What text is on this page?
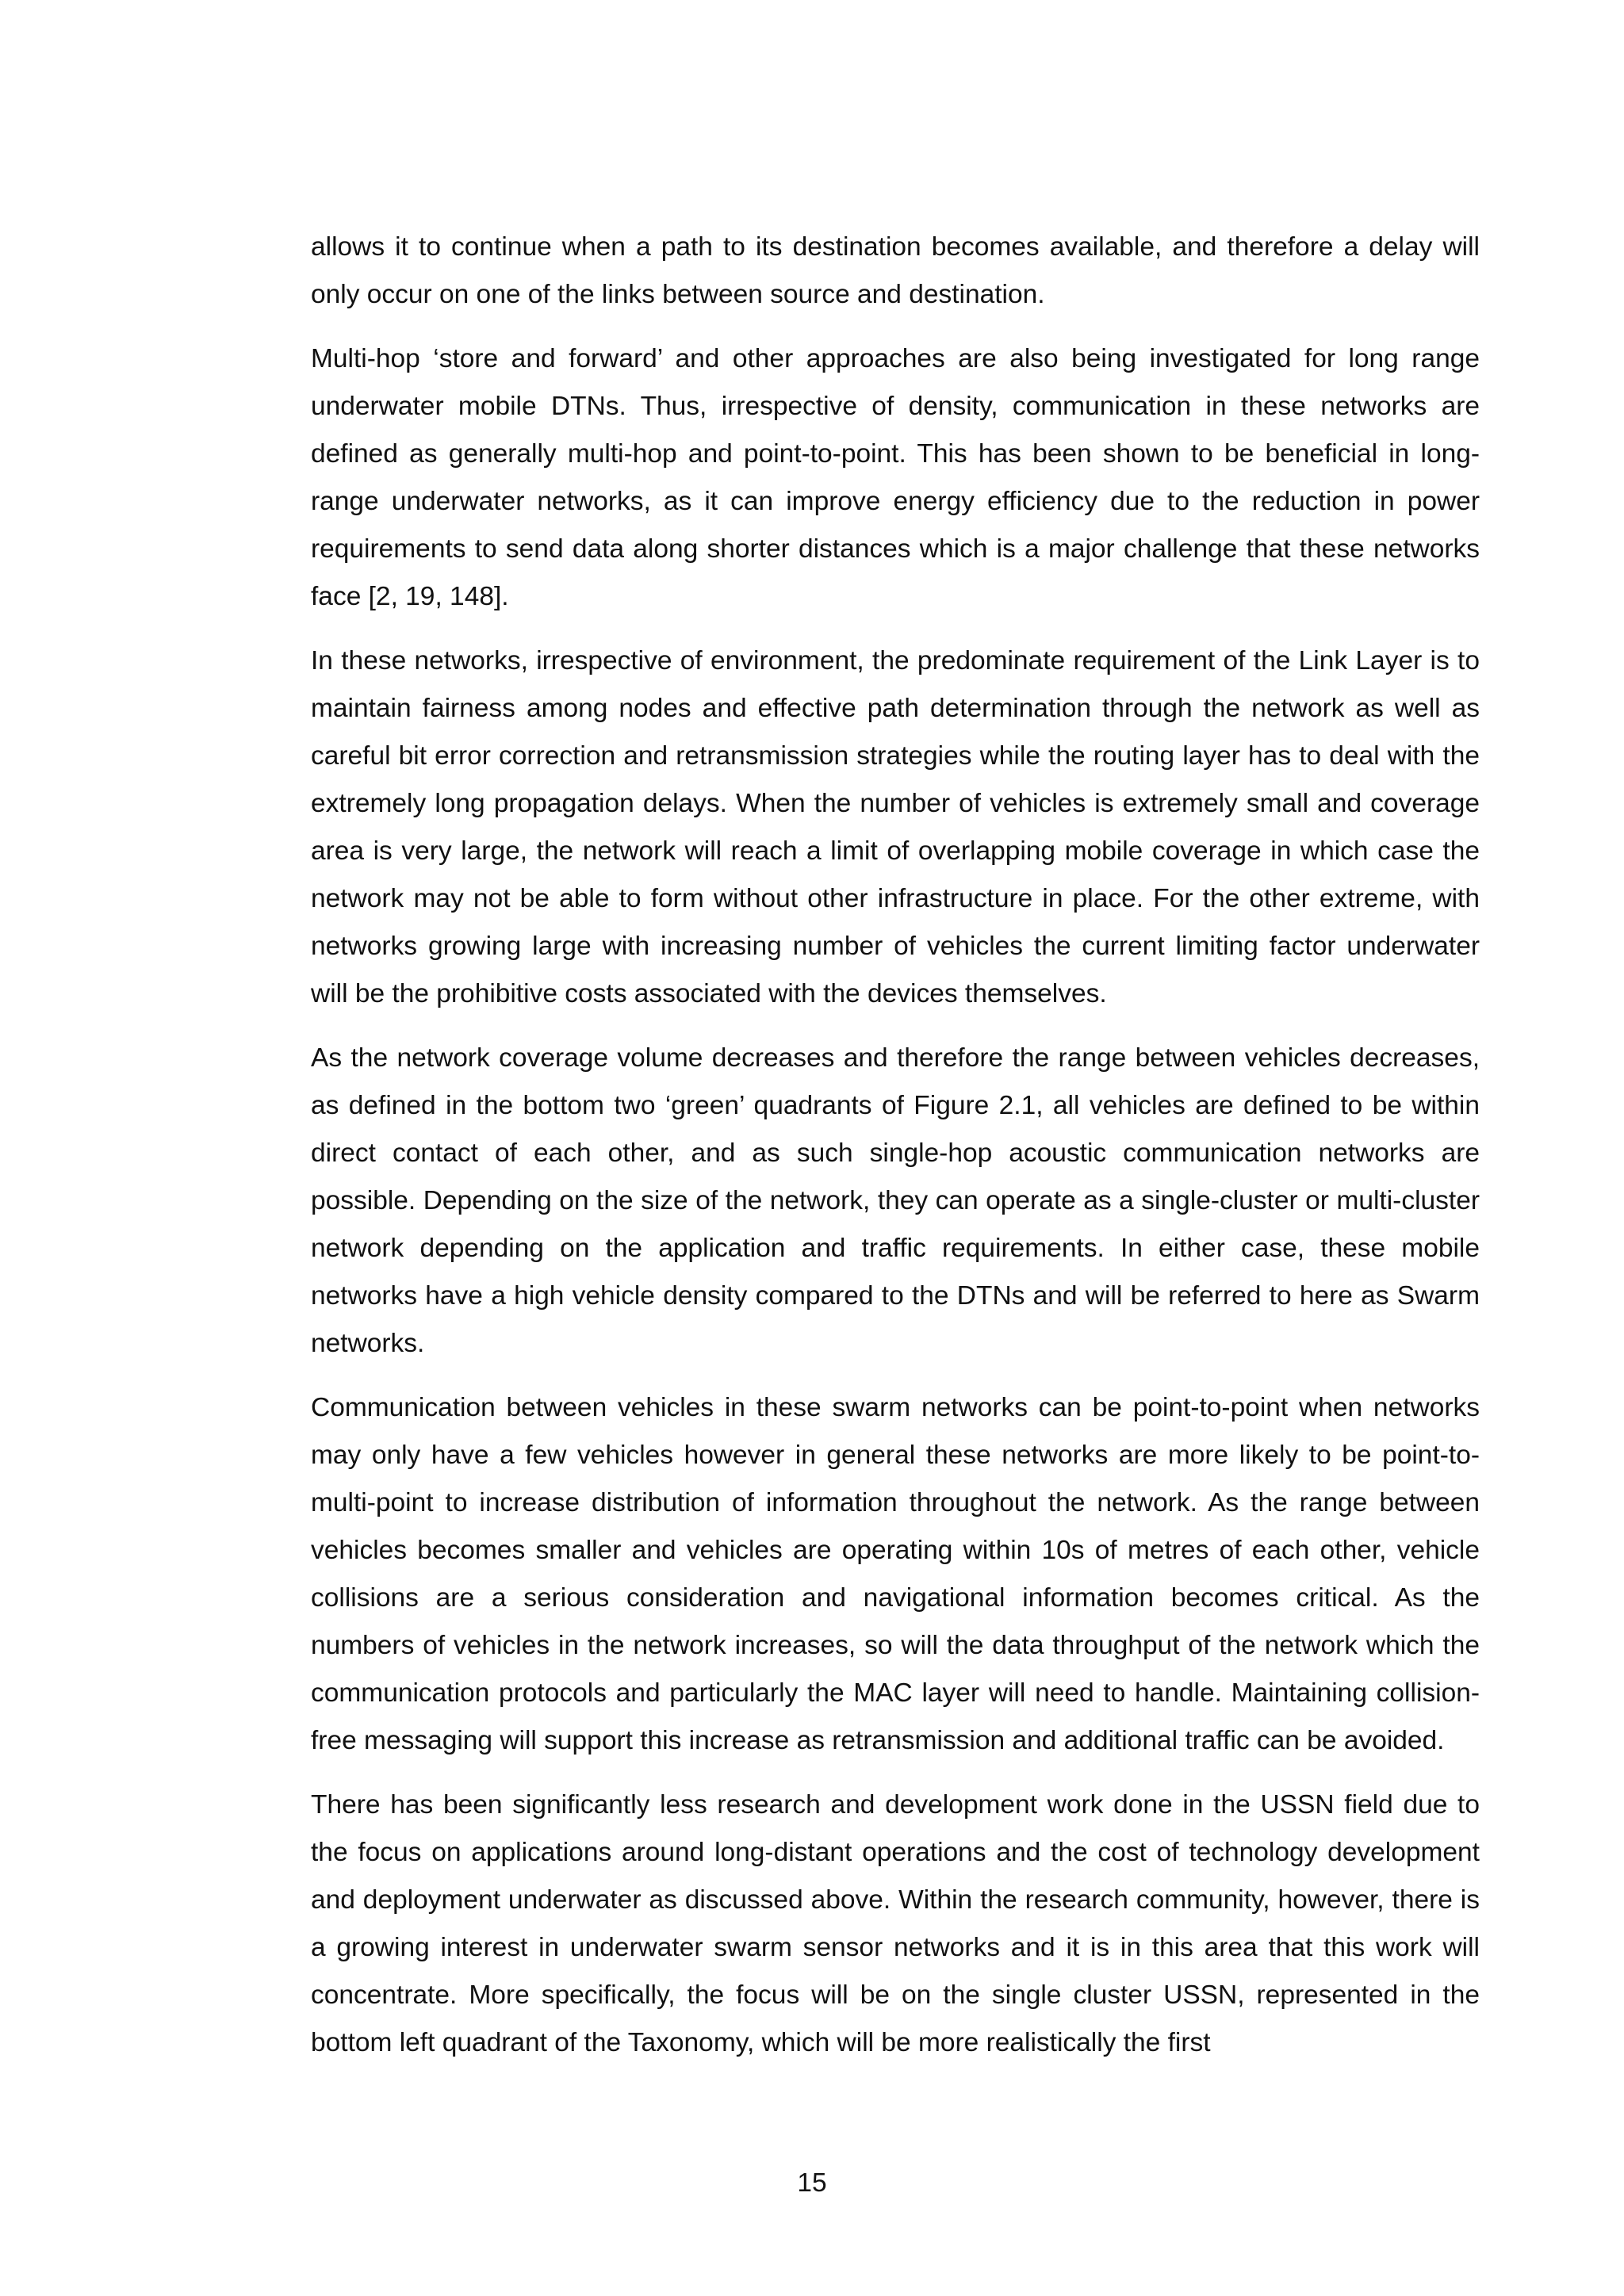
allows it to continue when a path to its destination becomes available, and therefore a delay will only occur on one of the links between source and destination.

Multi-hop ‘store and forward’ and other approaches are also being investigated for long range underwater mobile DTNs. Thus, irrespective of density, communication in these networks are defined as generally multi-hop and point-to-point. This has been shown to be beneficial in long-range underwater networks, as it can improve energy efficiency due to the reduction in power requirements to send data along shorter distances which is a major challenge that these networks face [2, 19, 148].

In these networks, irrespective of environment, the predominate requirement of the Link Layer is to maintain fairness among nodes and effective path determination through the network as well as careful bit error correction and retransmission strategies while the routing layer has to deal with the extremely long propagation delays. When the number of vehicles is extremely small and coverage area is very large, the network will reach a limit of overlapping mobile coverage in which case the network may not be able to form without other infrastructure in place. For the other extreme, with networks growing large with increasing number of vehicles the current limiting factor underwater will be the prohibitive costs associated with the devices themselves.

As the network coverage volume decreases and therefore the range between vehicles decreases, as defined in the bottom two ‘green’ quadrants of Figure 2.1, all vehicles are defined to be within direct contact of each other, and as such single-hop acoustic communication networks are possible. Depending on the size of the network, they can operate as a single-cluster or multi-cluster network depending on the application and traffic requirements. In either case, these mobile networks have a high vehicle density compared to the DTNs and will be referred to here as Swarm networks.

Communication between vehicles in these swarm networks can be point-to-point when networks may only have a few vehicles however in general these networks are more likely to be point-to-multi-point to increase distribution of information throughout the network. As the range between vehicles becomes smaller and vehicles are operating within 10s of metres of each other, vehicle collisions are a serious consideration and navigational information becomes critical. As the numbers of vehicles in the network increases, so will the data throughput of the network which the communication protocols and particularly the MAC layer will need to handle. Maintaining collision-free messaging will support this increase as retransmission and additional traffic can be avoided.

There has been significantly less research and development work done in the USSN field due to the focus on applications around long-distant operations and the cost of technology development and deployment underwater as discussed above. Within the research community, however, there is a growing interest in underwater swarm sensor networks and it is in this area that this work will concentrate. More specifically, the focus will be on the single cluster USSN, represented in the bottom left quadrant of the Taxonomy, which will be more realistically the first

15
